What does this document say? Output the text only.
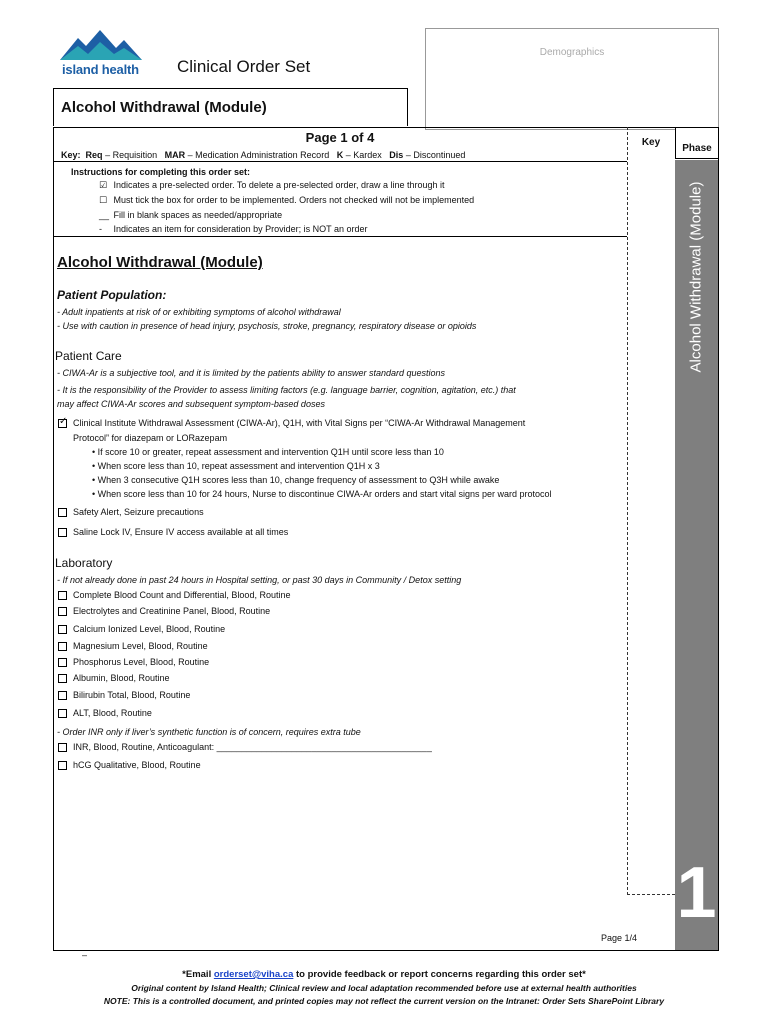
island health Clinical Order Set
Demographics
Alcohol Withdrawal (Module)
Key
Phase
Alcohol Withdrawal (Module)
1
Page 1 of 4
Key: Req – Requisition MAR – Medication Administration Record K – Kardex Dis – Discontinued
Instructions for completing this order set:
☑ Indicates a pre-selected order. To delete a pre-selected order, draw a line through it
☐ Must tick the box for order to be implemented. Orders not checked will not be implemented
__ Fill in blank spaces as needed/appropriate
- Indicates an item for consideration by Provider; is NOT an order
Alcohol Withdrawal (Module)
Patient Population:
- Adult inpatients at risk of or exhibiting symptoms of alcohol withdrawal
- Use with caution in presence of head injury, psychosis, stroke, pregnancy, respiratory disease or opioids
Patient Care
- CIWA-Ar is a subjective tool, and it is limited by the patients ability to answer standard questions
- It is the responsibility of the Provider to assess limiting factors (e.g. language barrier, cognition, agitation, etc.) that
may affect CIWA-Ar scores and subsequent symptom-based doses
✓
Clinical Institute Withdrawal Assessment (CIWA-Ar), Q1H, with Vital Signs per “CIWA-Ar Withdrawal Management
Protocol” for diazepam or LORazepam
• If score 10 or greater, repeat assessment and intervention Q1H until score less than 10
• When score less than 10, repeat assessment and intervention Q1H x 3
• When 3 consecutive Q1H scores less than 10, change frequency of assessment to Q3H while awake
• When score less than 10 for 24 hours, Nurse to discontinue CIWA-Ar orders and start vital signs per ward protocol
Safety Alert, Seizure precautions
Saline Lock IV, Ensure IV access available at all times
Laboratory
- If not already done in past 24 hours in Hospital setting, or past 30 days in Community / Detox setting
Complete Blood Count and Differential, Blood, Routine
Electrolytes and Creatinine Panel, Blood, Routine
Calcium Ionized Level, Blood, Routine
Magnesium Level, Blood, Routine
Phosphorus Level, Blood, Routine
Albumin, Blood, Routine
Bilirubin Total, Blood, Routine
ALT, Blood, Routine
- Order INR only if liver’s synthetic function is of concern, requires extra tube
INR, Blood, Routine, Anticoagulant: ___________________________________________
hCG Qualitative, Blood, Routine
Page 1/4
–
*Email orderset@viha.ca to provide feedback or report concerns regarding this order set*
Original content by Island Health; Clinical review and local adaptation recommended before use at external health authorities
NOTE: This is a controlled document, and printed copies may not reflect the current version on the Intranet: Order Sets SharePoint Library
